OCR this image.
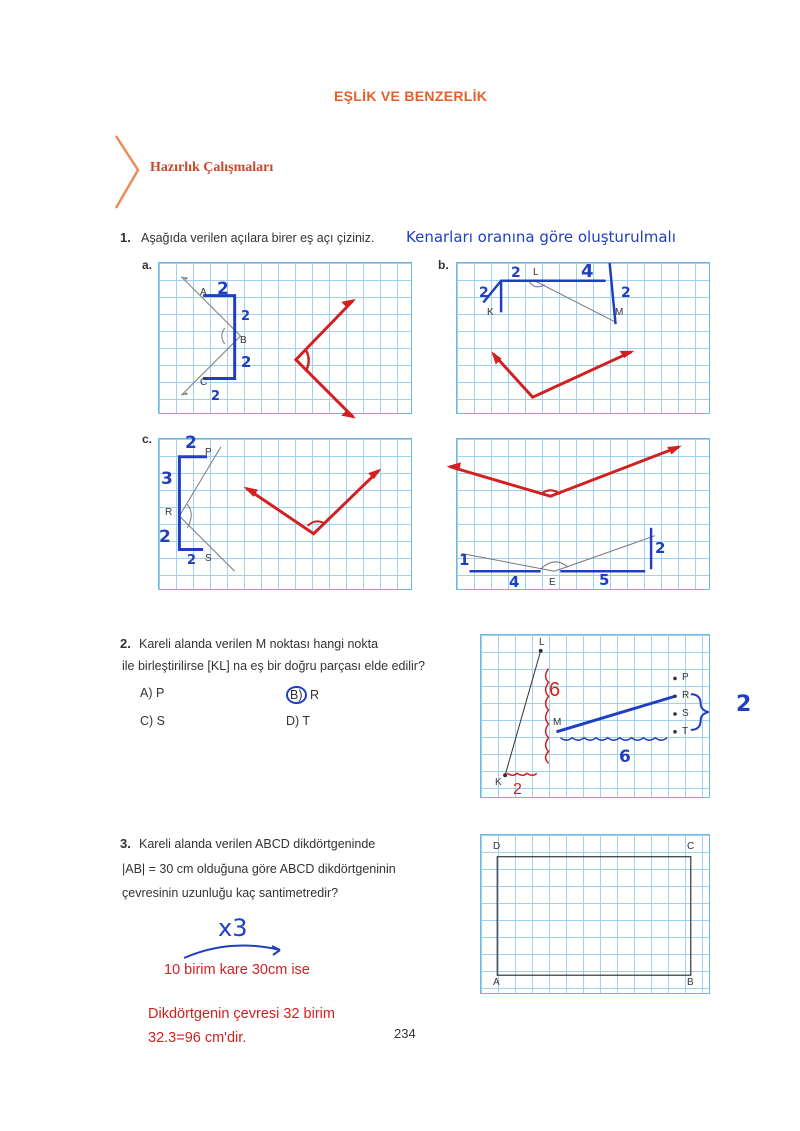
EŞLİK VE BENZERLİK
Hazırlık Çalışmaları
1. Aşağıda verilen açılara birer eş açı çiziniz. Kenarları oranına göre oluşturulmalı
a.	b.
c.
A
B
C
2
2
2
2
K
L
M
2
2	4
2
P
R
S
2
3
2
2
E
1
4	5
2
2. Kareli alanda verilen M noktası hangi nokta
ile birleştirilirse [KL] na eş bir doğru parçası elde edilir?
A) P	B) R
C) S	D) T
L
K
M
P
R
S
T
6
2
6
2
3. Kareli alanda verilen ABCD dikdörtgeninde
|AB| = 30 cm olduğuna göre ABCD dikdörtgeninin
çevresinin uzunluğu kaç santimetredir?
x3
10 birim kare 30cm ise
Dikdörtgenin çevresi 32 birim
32.3=96 cm'dir.
D	C
A	B
234
